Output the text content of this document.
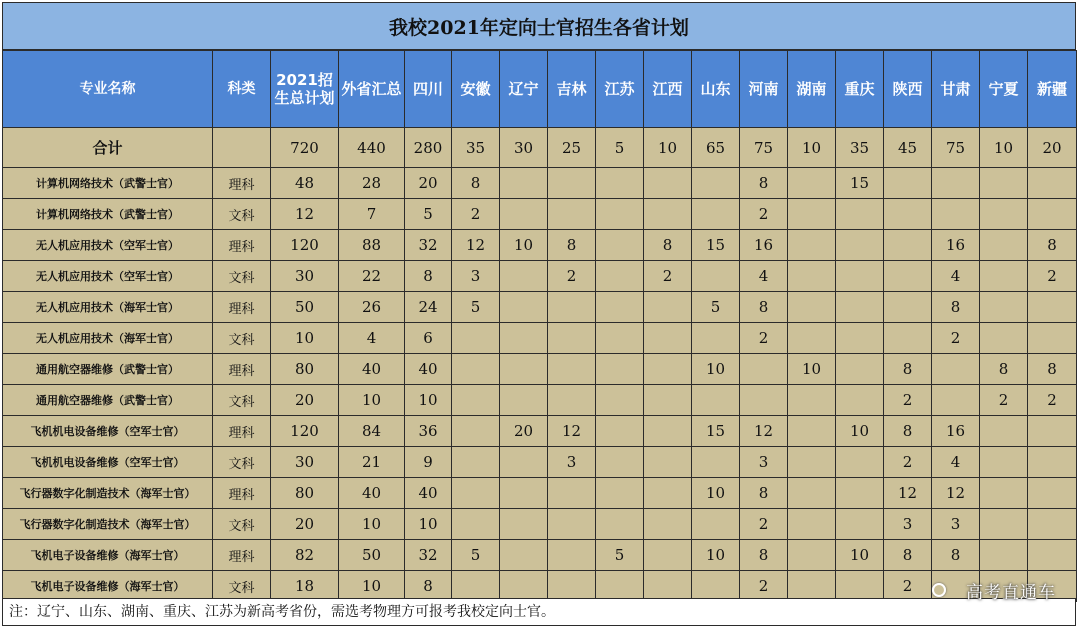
我校2021年定向士官招生各省计划
专业名称	科类	2021招生总计划	外省汇总	四川	安徽	辽宁	吉林	江苏	江西	山东	河南	湖南	重庆	陕西	甘肃	宁夏	新疆
合计		720	440	280	35	30	25	5	10	65	75	10	35	45	75	10	20
计算机网络技术（武警士官）	理科	48	28	20	8						8		15				
计算机网络技术（武警士官）	文科	12	7	5	2						2						
无人机应用技术（空军士官）	理科	120	88	32	12	10	8		8	15	16				16		8
无人机应用技术（空军士官）	文科	30	22	8	3		2		2		4				4		2
无人机应用技术（海军士官）	理科	50	26	24	5					5	8				8		
无人机应用技术（海军士官）	文科	10	4	6							2				2		
通用航空器维修（武警士官）	理科	80	40	40						10		10		8		8	8
通用航空器维修（武警士官）	文科	20	10	10										2		2	2
飞机机电设备维修（空军士官）	理科	120	84	36		20	12			15	12		10	8	16		
飞机机电设备维修（空军士官）	文科	30	21	9			3				3			2	4		
飞行器数字化制造技术（海军士官）	理科	80	40	40						10	8			12	12		
飞行器数字化制造技术（海军士官）	文科	20	10	10							2			3	3		
飞机电子设备维修（海军士官）	理科	82	50	32	5			5		10	8		10	8	8		
飞机电子设备维修（海军士官）	文科	18	10	8							2			2			
注：辽宁、山东、湖南、重庆、江苏为新高考省份，需选考物理方可报考我校定向士官。
高考直通车
